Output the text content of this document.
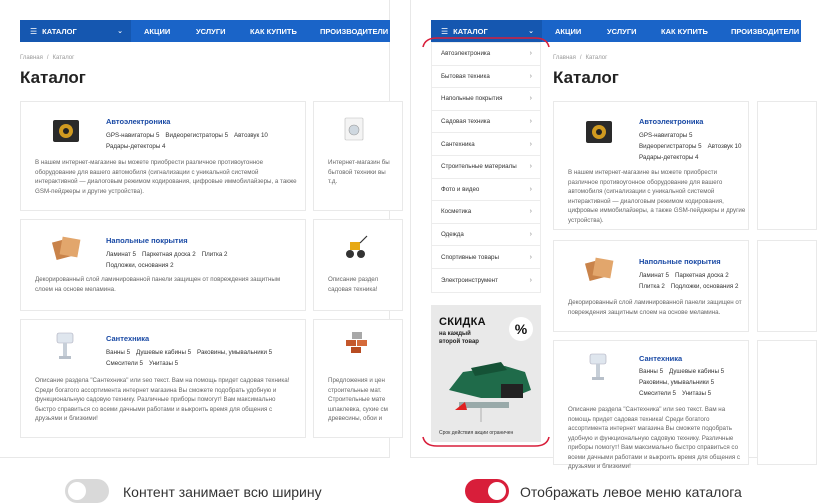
☰ КАТАЛОГ	⌄	АКЦИИ	УСЛУГИ	КАК КУПИТЬ	ПРОИЗВОДИТЕЛИ
Главная / Каталог
Каталог
Автоэлектроника
GPS-навигаторы 5 Видеорегистраторы 5 Автозвук 10
Радары-детекторы 4
В нашем интернет-магазине вы можете приобрести различное противоугонное оборудование для вашего автомобиля (сигнализации с уникальной системой интерактивной — диалоговым режимом кодирования, цифровые иммобилайзеры, а также GSM-пейджеры и другие устройства).
Напольные покрытия
Ламинат 5 Паркетная доска 2 Плитка 2
Подложки, основания 2
Декорированный слой ламинированной панели защищен от повреждения защитным слоем на основе меламина.
Сантехника
Ванны 5 Душевые кабины 5 Раковины, умывальники 5
Смесители 5 Унитазы 5
Описание раздела "Сантехника" или seo текст. Вам на помощь придет садовая техника! Среди богатого ассортимента интернет магазина Вы сможете подобрать удобную и функциональную садовую технику. Различные приборы помогут! Вам максимально быстро справиться со всеми дачными работами и выкроить время для общения с друзьями и близкими!
Интернет-магазин бы бытовой техники вы т.д.
Описание раздел садовая техника!
Предложения и цен строительные мат. Строительные мате шпаклевка, сухие см древесины, обои и
☰ КАТАЛОГ	⌄	АКЦИИ	УСЛУГИ	КАК КУПИТЬ	ПРОИЗВОДИТЕЛИ
Автоэлектроника	›
Бытовая техника	›
Напольные покрытия	›
Садовая техника	›
Сантехника	›
Строительные материалы ›
Фото и видео	›
Косметика	›
Одежда	›
Спортивные товары	›
Электроинструмент	›
СКИДКА
на каждый
второй товар
%
Срок действия акции ограничен
Главная / Каталог
Каталог
Автоэлектроника
GPS-навигаторы 5
Видеорегистраторы 5 Автозвук 10
Радары-детекторы 4
В нашем интернет-магазине вы можете приобрести различное противоугонное оборудование для вашего автомобиля (сигнализации с уникальной системой интерактивной — диалоговым режимом кодирования, цифровые иммобилайзеры, а также GSM-пейджеры и другие устройства).
Напольные покрытия
Ламинат 5 Паркетная доска 2
Плитка 2 Подложки, основания 2
Декорированный слой ламинированной панели защищен от повреждения защитным слоем на основе меламина.
Сантехника
Ванны 5 Душевые кабины 5
Раковины, умывальники 5
Смесители 5 Унитазы 5
Описание раздела "Сантехника" или seo текст. Вам на помощь придет садовая техника! Среди богатого ассортимента интернет магазина Вы сможете подобрать удобную и функциональную садовую технику. Различные приборы помогут! Вам максимально быстро справиться со всеми дачными работами и выкроить время для общения с друзьями и близкими!
Контент занимает всю ширину	Отображать левое меню каталога
